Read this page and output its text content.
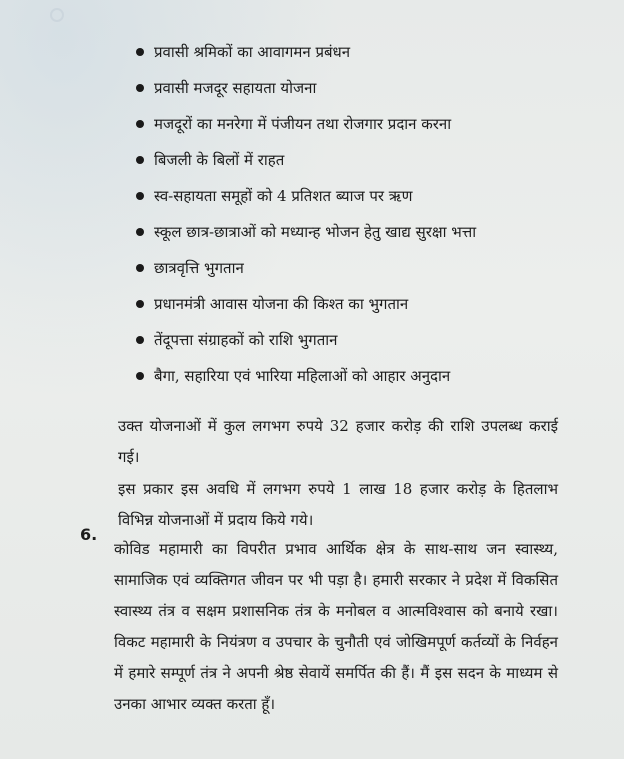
प्रवासी श्रमिकों का आवागमन प्रबंधन
प्रवासी मजदूर सहायता योजना
मजदूरों का मनरेगा में पंजीयन तथा रोजगार प्रदान करना
बिजली के बिलों में राहत
स्व-सहायता समूहों को 4 प्रतिशत ब्याज पर ऋण
स्कूल छात्र-छात्राओं को मध्यान्ह भोजन हेतु खाद्य सुरक्षा भत्ता
छात्रवृत्ति भुगतान
प्रधानमंत्री आवास योजना की किश्त का भुगतान
तेंदूपत्ता संग्राहकों को राशि भुगतान
बैगा, सहारिया एवं भारिया महिलाओं को आहार अनुदान

उक्त योजनाओं में कुल लगभग रुपये 32 हजार करोड़ की राशि उपलब्ध कराई गई।

इस प्रकार इस अवधि में लगभग रुपये 1 लाख 18 हजार करोड़ के हितलाभ विभिन्न योजनाओं में प्रदाय किये गये।

6.

कोविड महामारी का विपरीत प्रभाव आर्थिक क्षेत्र के साथ-साथ जन स्वास्थ्य, सामाजिक एवं व्यक्तिगत जीवन पर भी पड़ा है। हमारी सरकार ने प्रदेश में विकसित स्वास्थ्य तंत्र व सक्षम प्रशासनिक तंत्र के मनोबल व आत्मविश्वास को बनाये रखा। विकट महामारी के नियंत्रण व उपचार के चुनौती एवं जोखिमपूर्ण कर्तव्यों के निर्वहन में हमारे सम्पूर्ण तंत्र ने अपनी श्रेष्ठ सेवायें समर्पित की हैं। मैं इस सदन के माध्यम से उनका आभार व्यक्त करता हूँ।
